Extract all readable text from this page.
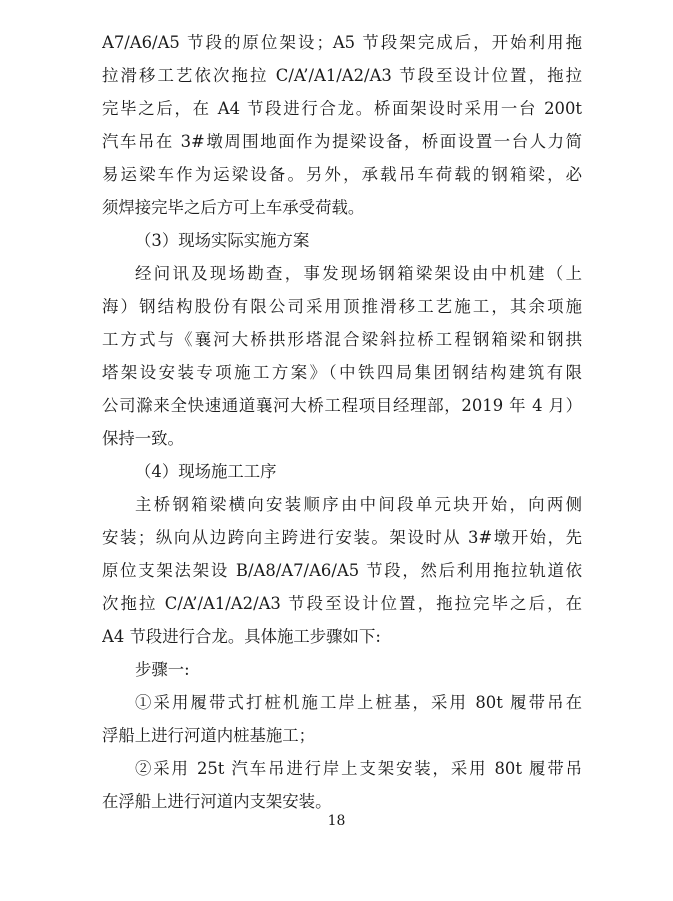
A7/A6/A5 节段的原位架设；A5 节段架完成后，开始利用拖
拉滑移工艺依次拖拉 C/A’/A1/A2/A3 节段至设计位置，拖拉
完毕之后，在 A4 节段进行合龙。桥面架设时采用一台 200t
汽车吊在 3#墩周围地面作为提梁设备，桥面设置一台人力简
易运梁车作为运梁设备。另外，承载吊车荷载的钢箱梁，必
须焊接完毕之后方可上车承受荷载。
（3）现场实际实施方案
经问讯及现场勘查，事发现场钢箱梁架设由中机建（上
海）钢结构股份有限公司采用顶推滑移工艺施工，其余项施
工方式与《襄河大桥拱形塔混合梁斜拉桥工程钢箱梁和钢拱
塔架设安装专项施工方案》（中铁四局集团钢结构建筑有限
公司滁来全快速通道襄河大桥工程项目经理部，2019 年 4 月）
保持一致。
（4）现场施工工序
主桥钢箱梁横向安装顺序由中间段单元块开始，向两侧
安装；纵向从边跨向主跨进行安装。架设时从 3#墩开始，先
原位支架法架设 B/A8/A7/A6/A5 节段，然后利用拖拉轨道依
次拖拉 C/A’/A1/A2/A3 节段至设计位置，拖拉完毕之后，在
A4 节段进行合龙。具体施工步骤如下:
步骤一:
①采用履带式打桩机施工岸上桩基，采用 80t 履带吊在
浮船上进行河道内桩基施工；
②采用 25t 汽车吊进行岸上支架安装，采用 80t 履带吊
在浮船上进行河道内支架安装。
18
